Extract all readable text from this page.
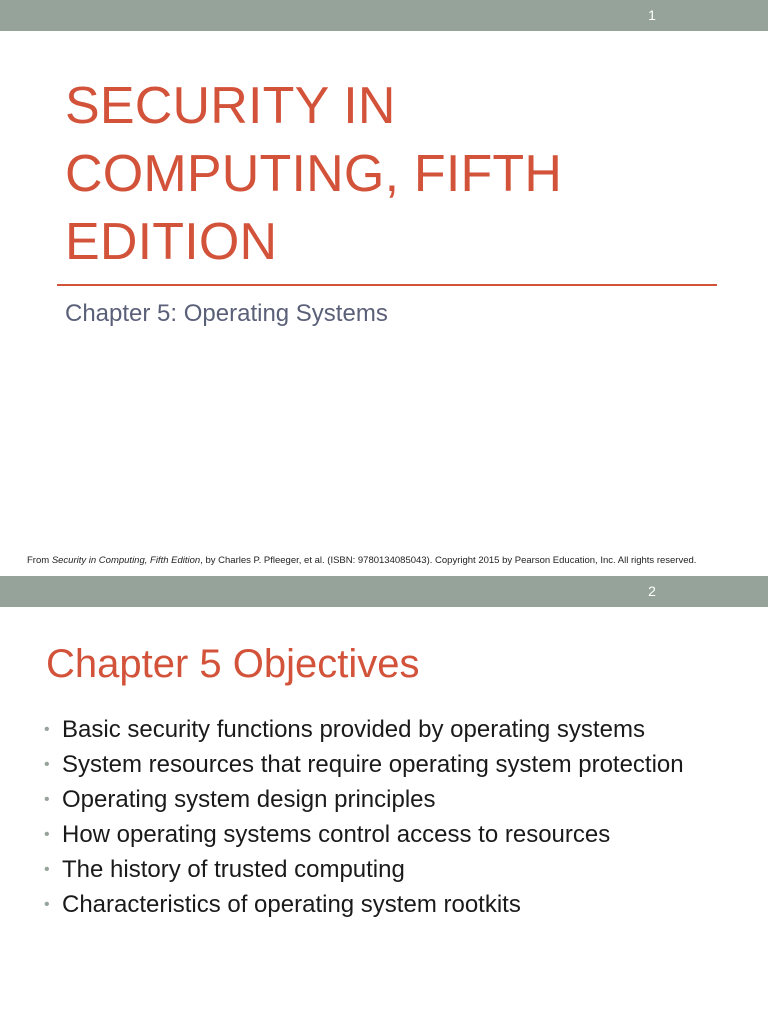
1
SECURITY IN COMPUTING, FIFTH EDITION
Chapter 5: Operating Systems

From Security in Computing, Fifth Edition, by Charles P. Pfleeger, et al. (ISBN: 9780134085043). Copyright 2015 by Pearson Education, Inc. All rights reserved.

2
Chapter 5 Objectives
• Basic security functions provided by operating systems
• System resources that require operating system protection
• Operating system design principles
• How operating systems control access to resources
• The history of trusted computing
• Characteristics of operating system rootkits
